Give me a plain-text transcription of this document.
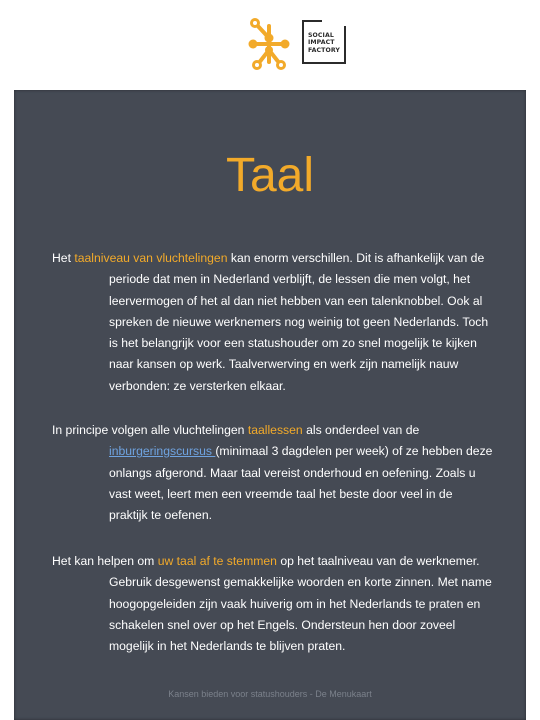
SOCIAL
IMPACT
FACTORY
Taal
Het taalniveau van vluchtelingen kan enorm verschillen. Dit is afhankelijk van de
periode dat men in Nederland verblijft, de lessen die men volgt, het
leervermogen of het al dan niet hebben van een talenknobbel. Ook al
spreken de nieuwe werknemers nog weinig tot geen Nederlands. Toch
is het belangrijk voor een statushouder om zo snel mogelijk te kijken
naar kansen op werk. Taalverwerving en werk zijn namelijk nauw
verbonden: ze versterken elkaar.
In principe volgen alle vluchtelingen taallessen als onderdeel van de
inburgeringscursus (minimaal 3 dagdelen per week) of ze hebben deze
onlangs afgerond. Maar taal vereist onderhoud en oefening. Zoals u
vast weet, leert men een vreemde taal het beste door veel in de
praktijk te oefenen.
Het kan helpen om uw taal af te stemmen op het taalniveau van de werknemer.
Gebruik desgewenst gemakkelijke woorden en korte zinnen. Met name
hoogopgeleiden zijn vaak huiverig om in het Nederlands te praten en
schakelen snel over op het Engels. Ondersteun hen door zoveel
mogelijk in het Nederlands te blijven praten.
Kansen bieden voor statushouders - De Menukaart
